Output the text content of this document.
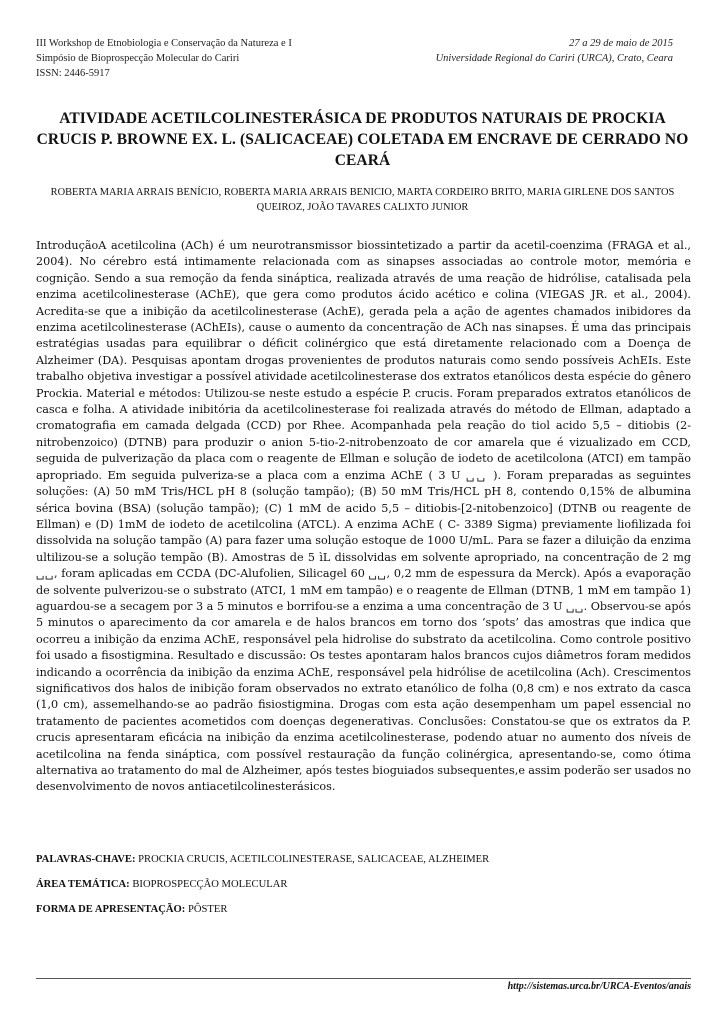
III Workshop de Etnobiologia e Conservação da Natureza e I
Simpósio de Bioprospecção Molecular do Cariri
ISSN: 2446-5917
27 a 29 de maio de 2015
Universidade Regional do Cariri (URCA), Crato, Ceara
ATIVIDADE ACETILCOLINESTERÁSICA DE PRODUTOS NATURAIS DE PROCKIA CRUCIS P. BROWNE EX. L. (SALICACEAE) COLETADA EM ENCRAVE DE CERRADO NO CEARÁ
ROBERTA MARIA ARRAIS BENÍCIO, ROBERTA MARIA ARRAIS BENICIO, MARTA CORDEIRO BRITO, MARIA GIRLENE DOS SANTOS QUEIROZ, JOÃO TAVARES CALIXTO JUNIOR
IntroduçãoA acetilcolina (ACh) é um neurotransmissor biossintetizado a partir da acetil-coenzima (FRAGA et al., 2004). No cérebro está intimamente relacionada com as sinapses associadas ao controle motor, memória e cognição. Sendo a sua remoção da fenda sináptica, realizada através de uma reação de hidrólise, catalisada pela enzima acetilcolinesterase (AChE), que gera como produtos ácido acético e colina (VIEGAS JR. et al., 2004). Acredita-se que a inibição da acetilcolinesterase (AchE), gerada pela a ação de agentes chamados inibidores da enzima acetilcolinesterase (AChEIs), cause o aumento da concentração de ACh nas sinapses. É uma das principais estratégias usadas para equilibrar o déficit colinérgico que está diretamente relacionado com a Doença de Alzheimer (DA). Pesquisas apontam drogas provenientes de produtos naturais como sendo possíveis AchEIs. Este trabalho objetiva investigar a possível atividade acetilcolinesterase dos extratos etanólicos desta espécie do gênero Prockia. Material e métodos: Utilizou-se neste estudo a espécie P. crucis. Foram preparados extratos etanólicos de casca e folha. A atividade inibitória da acetilcolinesterase foi realizada através do método de Ellman, adaptado a cromatografia em camada delgada (CCD) por Rhee. Acompanhada pela reação do tiol acido 5,5 – ditiobis (2-nitrobenzoico) (DTNB) para produzir o anion 5-tio-2-nitrobenzoato de cor amarela que é vizualizado em CCD, seguida de pulverização da placa com o reagente de Ellman e solução de iodeto de acetilcolona (ATCI) em tampão apropriado. Em seguida pulveriza-se a placa com a enzima AChE ( 3 U ␣␣ ). Foram preparadas as seguintes soluções: (A) 50 mM Tris/HCL pH 8 (solução tampão); (B) 50 mM Tris/HCL pH 8, contendo 0,15% de albumina sérica bovina (BSA) (solução tampão); (C) 1 mM de acido 5,5 – ditiobis-[2-nitobenzoico] (DTNB ou reagente de Ellman) e (D) 1mM de iodeto de acetilcolina (ATCL). A enzima AChE ( C- 3389 Sigma) previamente liofilizada foi dissolvida na solução tampão (A) para fazer uma solução estoque de 1000 U/mL. Para se fazer a diluição da enzima ultilizou-se a solução tempão (B). Amostras de 5 ìL dissolvidas em solvente apropriado, na concentração de 2 mg ␣␣, foram aplicadas em CCDA (DC-Alufolien, Silicagel 60 ␣␣, 0,2 mm de espessura da Merck). Após a evaporação de solvente pulverizou-se o substrato (ATCI, 1 mM em tampão) e o reagente de Ellman (DTNB, 1 mM em tampão 1) aguardou-se a secagem por 3 a 5 minutos e borrifou-se a enzima a uma concentração de 3 U ␣␣. Observou-se após 5 minutos o aparecimento da cor amarela e de halos brancos em torno dos ‘spots’ das amostras que indica que ocorreu a inibição da enzima AChE, responsável pela hidrolise do substrato da acetilcolina. Como controle positivo foi usado a fisostigmina. Resultado e discussão: Os testes apontaram halos brancos cujos diâmetros foram medidos indicando a ocorrência da inibição da enzima AChE, responsável pela hidrólise de acetilcolina (Ach). Crescimentos significativos dos halos de inibição foram observados no extrato etanólico de folha (0,8 cm) e nos extrato da casca (1,0 cm), assemelhando-se ao padrão fisiostigmina. Drogas com esta ação desempenham um papel essencial no tratamento de pacientes acometidos com doenças degenerativas. Conclusões: Constatou-se que os extratos da P. crucis apresentaram eficácia na inibição da enzima acetilcolinesterase, podendo atuar no aumento dos níveis de acetilcolina na fenda sináptica, com possível restauração da função colinérgica, apresentando-se, como ótima alternativa ao tratamento do mal de Alzheimer, após testes bioguiados subsequentes,e assim poderão ser usados no desenvolvimento de novos antiacetilcolinesterásicos.
PALAVRAS-CHAVE: PROCKIA CRUCIS, ACETILCOLINESTERASE, SALICACEAE, ALZHEIMER
ÁREA TEMÁTICA: BIOPROSPECÇÃO MOLECULAR
FORMA DE APRESENTAÇÃO: PÔSTER
http://sistemas.urca.br/URCA-Eventos/anais
